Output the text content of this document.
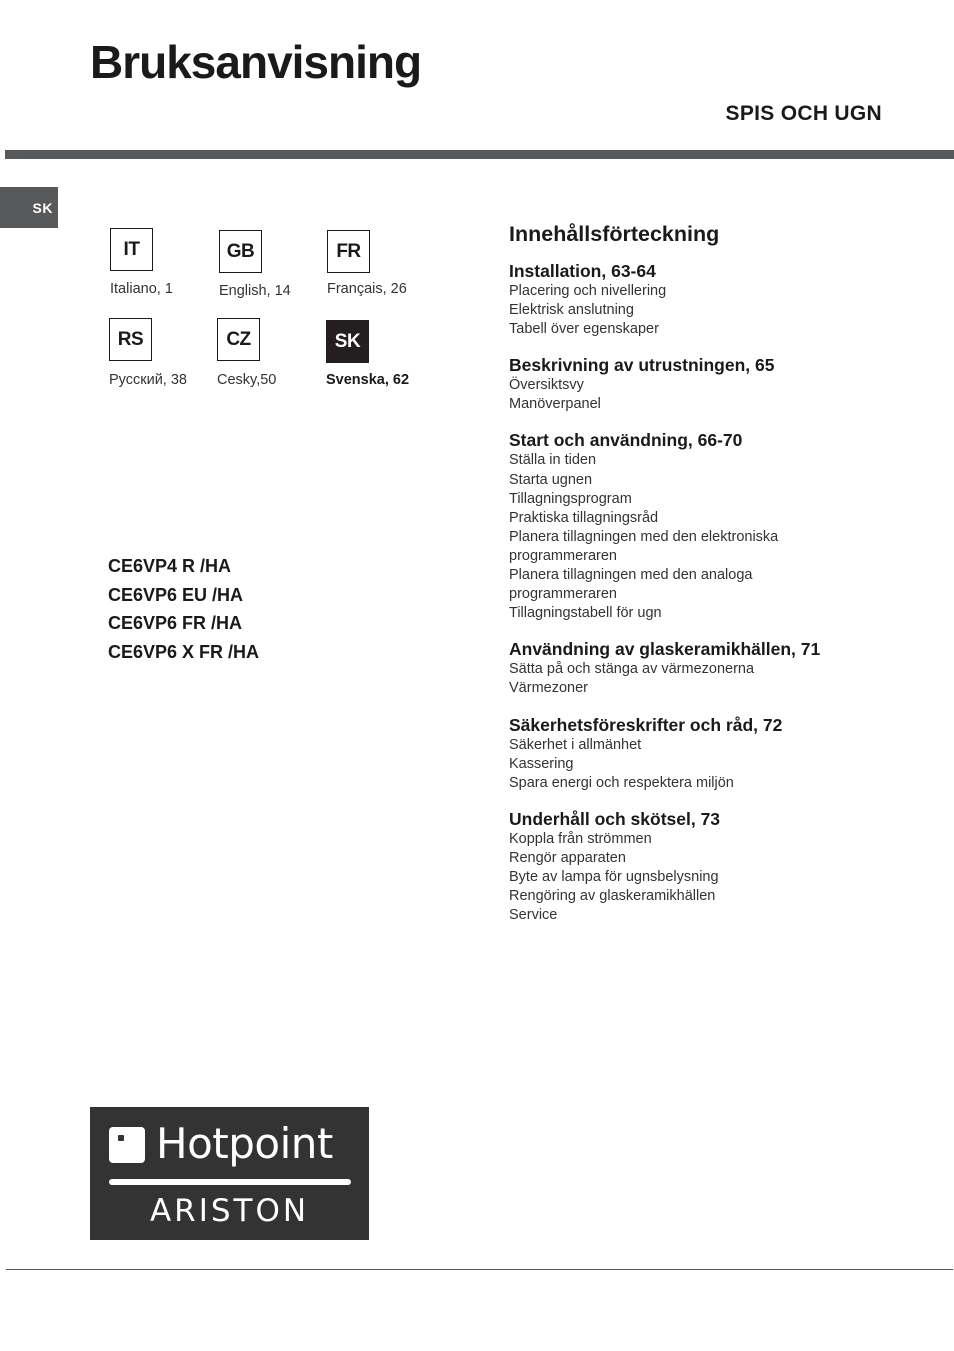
Bruksanvisning
SPIS OCH UGN
SK
IT
Italiano, 1
GB
English, 14
FR
Français, 26
RS
Русский, 38
CZ
Cesky,50
SK
Svenska, 62
CE6VP4 R /HA
CE6VP6 EU /HA
CE6VP6 FR /HA
CE6VP6 X FR /HA
Innehållsförteckning
Installation, 63-64
Placering och nivellering
Elektrisk anslutning
Tabell över egenskaper
Beskrivning av utrustningen, 65
Översiktsvy
Manöverpanel
Start och användning, 66-70
Ställa in tiden
Starta ugnen
Tillagningsprogram
Praktiska tillagningsråd
Planera tillagningen med den elektroniska
programmeraren
Planera tillagningen med den analoga
programmeraren
Tillagningstabell för ugn
Användning av glaskeramikhällen, 71
Sätta på och stänga av värmezonerna
Värmezoner
Säkerhetsföreskrifter och råd, 72
Säkerhet i allmänhet
Kassering
Spara energi och respektera miljön
Underhåll och skötsel, 73
Koppla från strömmen
Rengör apparaten
Byte av lampa för ugnsbelysning
Rengöring av glaskeramikhällen
Service
Hotpoint
ARISTON
